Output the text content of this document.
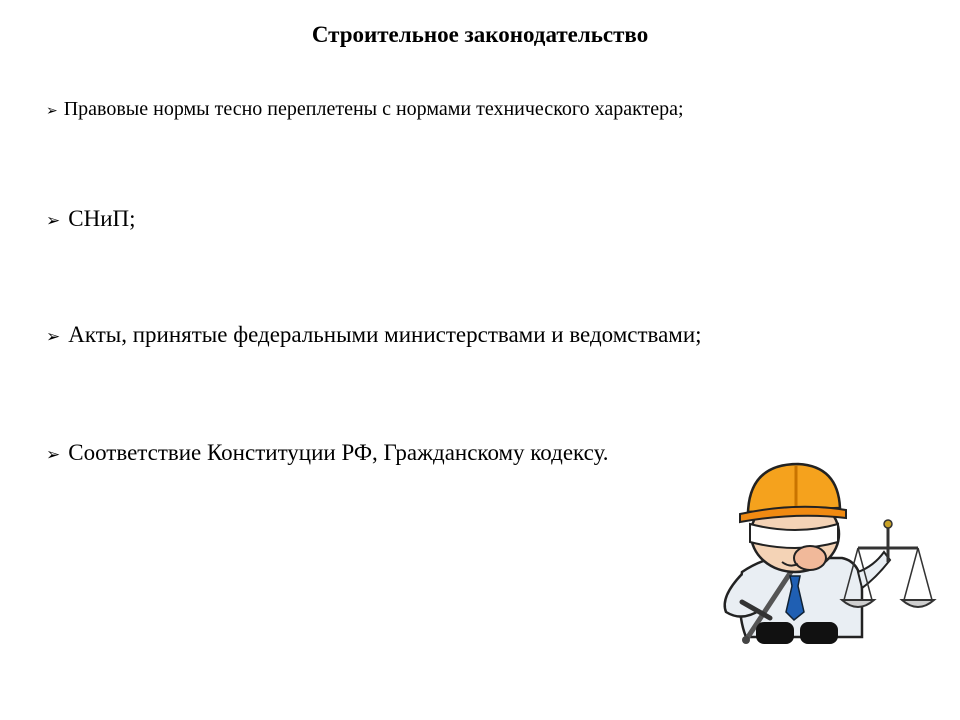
Строительное законодательство
➢ Правовые нормы тесно переплетены с нормами технического характера;
➢ СНиП;
➢ Акты, принятые федеральными министерствами и ведомствами;
➢ Соответствие Конституции РФ, Гражданскому кодексу.
